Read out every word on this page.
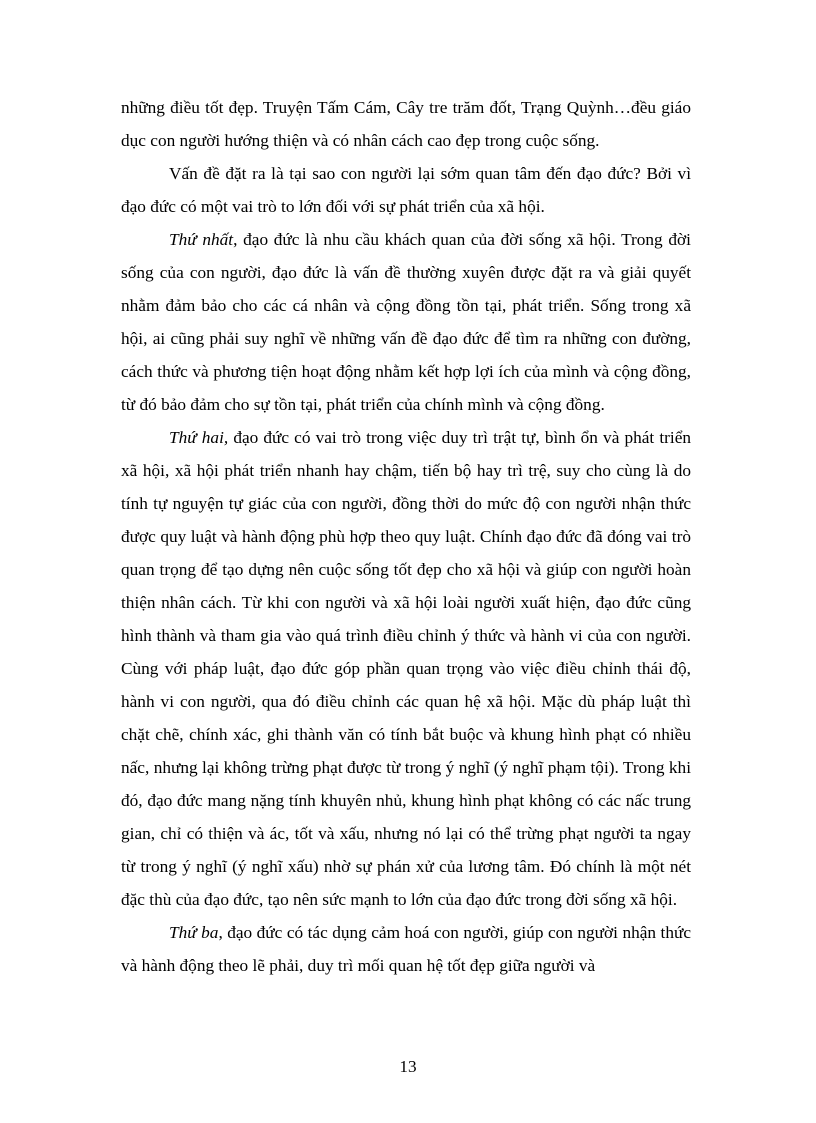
những điều tốt đẹp. Truyện Tấm Cám, Cây tre trăm đốt, Trạng Quỳnh…đều giáo dục con người hướng thiện và có nhân cách cao đẹp trong cuộc sống.

Vấn đề đặt ra là tại sao con người lại sớm quan tâm đến đạo đức? Bởi vì đạo đức có một vai trò to lớn đối với sự phát triển của xã hội.

Thứ nhất, đạo đức là nhu cầu khách quan của đời sống xã hội. Trong đời sống của con người, đạo đức là vấn đề thường xuyên được đặt ra và giải quyết nhằm đảm bảo cho các cá nhân và cộng đồng tồn tại, phát triển. Sống trong xã hội, ai cũng phải suy nghĩ về những vấn đề đạo đức để tìm ra những con đường, cách thức và phương tiện hoạt động nhằm kết hợp lợi ích của mình và cộng đồng, từ đó bảo đảm cho sự tồn tại, phát triển của chính mình và cộng đồng.

Thứ hai, đạo đức có vai trò trong việc duy trì trật tự, bình ổn và phát triển xã hội, xã hội phát triển nhanh hay chậm, tiến bộ hay trì trệ, suy cho cùng là do tính tự nguyện tự giác của con người, đồng thời do mức độ con người nhận thức được quy luật và hành động phù hợp theo quy luật. Chính đạo đức đã đóng vai trò quan trọng để tạo dựng nên cuộc sống tốt đẹp cho xã hội và giúp con người hoàn thiện nhân cách. Từ khi con người và xã hội loài người xuất hiện, đạo đức cũng hình thành và tham gia vào quá trình điều chỉnh ý thức và hành vi của con người. Cùng với pháp luật, đạo đức góp phần quan trọng vào việc điều chỉnh thái độ, hành vi con người, qua đó điều chỉnh các quan hệ xã hội. Mặc dù pháp luật thì chặt chẽ, chính xác, ghi thành văn có tính bắt buộc và khung hình phạt có nhiều nấc, nhưng lại không trừng phạt được từ trong ý nghĩ (ý nghĩ phạm tội). Trong khi đó, đạo đức mang nặng tính khuyên nhủ, khung hình phạt không có các nấc trung gian, chỉ có thiện và ác, tốt và xấu, nhưng nó lại có thể trừng phạt người ta ngay từ trong ý nghĩ (ý nghĩ xấu) nhờ sự phán xử của lương tâm. Đó chính là một nét đặc thù của đạo đức, tạo nên sức mạnh to lớn của đạo đức trong đời sống xã hội.

Thứ ba, đạo đức có tác dụng cảm hoá con người, giúp con người nhận thức và hành động theo lẽ phải, duy trì mối quan hệ tốt đẹp giữa người và

13
